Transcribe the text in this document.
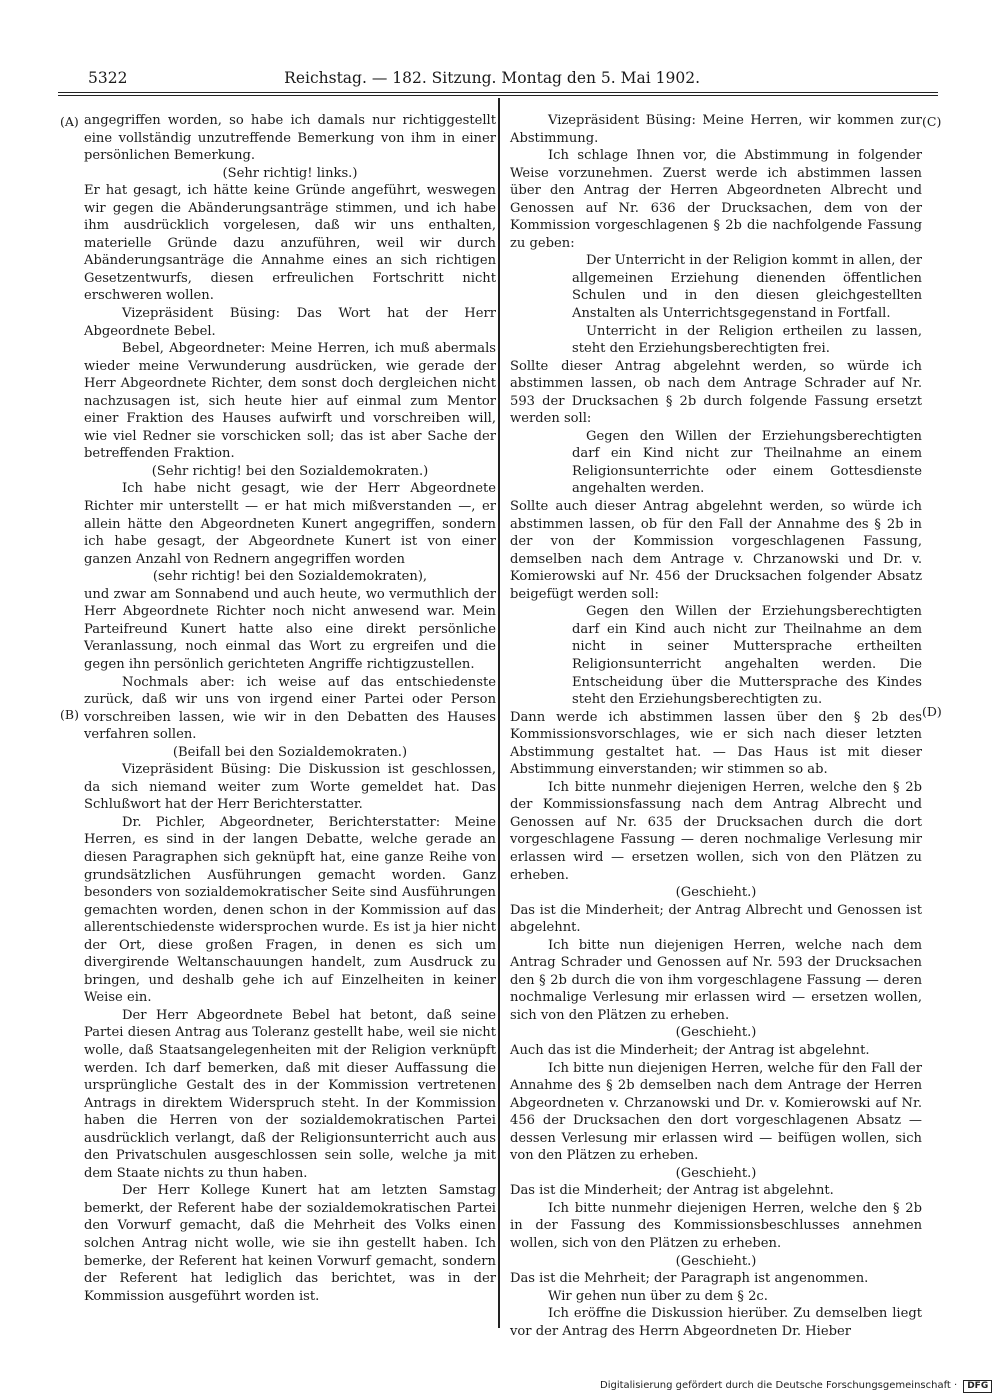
5322	Reichstag. — 182. Sitzung. Montag den 5. Mai 1902.
(A)
(B)
(C)
(D)

angegriffen worden, so habe ich damals nur richtiggestellt eine vollständig unzutreffende Bemerkung von ihm in einer persönlichen Bemerkung.

(Sehr richtig! links.)

Er hat gesagt, ich hätte keine Gründe angeführt, weswegen wir gegen die Abänderungsanträge stimmen, und ich habe ihm ausdrücklich vorgelesen, daß wir uns enthalten, materielle Gründe dazu anzuführen, weil wir durch Abänderungsanträge die Annahme eines an sich richtigen Gesetzentwurfs, diesen erfreulichen Fortschritt nicht erschweren wollen.

Vizepräsident Büsing: Das Wort hat der Herr Abgeordnete Bebel.

Bebel, Abgeordneter: Meine Herren, ich muß abermals wieder meine Verwunderung ausdrücken, wie gerade der Herr Abgeordnete Richter, dem sonst doch dergleichen nicht nachzusagen ist, sich heute hier auf einmal zum Mentor einer Fraktion des Hauses aufwirft und vorschreiben will, wie viel Redner sie vorschicken soll; das ist aber Sache der betreffenden Fraktion.

(Sehr richtig! bei den Sozialdemokraten.)

Ich habe nicht gesagt, wie der Herr Abgeordnete Richter mir unterstellt — er hat mich mißverstanden —, er allein hätte den Abgeordneten Kunert angegriffen, sondern ich habe gesagt, der Abgeordnete Kunert ist von einer ganzen Anzahl von Rednern angegriffen worden

(sehr richtig! bei den Sozialdemokraten),

und zwar am Sonnabend und auch heute, wo vermuthlich der Herr Abgeordnete Richter noch nicht anwesend war. Mein Parteifreund Kunert hatte also eine direkt persönliche Veranlassung, noch einmal das Wort zu ergreifen und die gegen ihn persönlich gerichteten Angriffe richtigzustellen.

Nochmals aber: ich weise auf das entschiedenste zurück, daß wir uns von irgend einer Partei oder Person vorschreiben lassen, wie wir in den Debatten des Hauses verfahren sollen.

(Beifall bei den Sozialdemokraten.)

Vizepräsident Büsing: Die Diskussion ist geschlossen, da sich niemand weiter zum Worte gemeldet hat. Das Schlußwort hat der Herr Berichterstatter.

Dr. Pichler, Abgeordneter, Berichterstatter: Meine Herren, es sind in der langen Debatte, welche gerade an diesen Paragraphen sich geknüpft hat, eine ganze Reihe von grundsätzlichen Ausführungen gemacht worden. Ganz besonders von sozialdemokratischer Seite sind Ausführungen gemachten worden, denen schon in der Kommission auf das allerentschiedenste widersprochen wurde. Es ist ja hier nicht der Ort, diese großen Fragen, in denen es sich um divergirende Weltanschauungen handelt, zum Ausdruck zu bringen, und deshalb gehe ich auf Einzelheiten in keiner Weise ein.

Der Herr Abgeordnete Bebel hat betont, daß seine Partei diesen Antrag aus Toleranz gestellt habe, weil sie nicht wolle, daß Staatsangelegenheiten mit der Religion verknüpft werden. Ich darf bemerken, daß mit dieser Auffassung die ursprüngliche Gestalt des in der Kommission vertretenen Antrags in direktem Widerspruch steht. In der Kommission haben die Herren von der sozialdemokratischen Partei ausdrücklich verlangt, daß der Religionsunterricht auch aus den Privatschulen ausgeschlossen sein solle, welche ja mit dem Staate nichts zu thun haben.

Der Herr Kollege Kunert hat am letzten Samstag bemerkt, der Referent habe der sozialdemokratischen Partei den Vorwurf gemacht, daß die Mehrheit des Volks einen solchen Antrag nicht wolle, wie sie ihn gestellt haben. Ich bemerke, der Referent hat keinen Vorwurf gemacht, sondern der Referent hat lediglich das berichtet, was in der Kommission ausgeführt worden ist.

Vizepräsident Büsing: Meine Herren, wir kommen zur Abstimmung.

Ich schlage Ihnen vor, die Abstimmung in folgender Weise vorzunehmen. Zuerst werde ich abstimmen lassen über den Antrag der Herren Abgeordneten Albrecht und Genossen auf Nr. 636 der Drucksachen, dem von der Kommission vorgeschlagenen § 2b die nachfolgende Fassung zu geben:

Der Unterricht in der Religion kommt in allen, der allgemeinen Erziehung dienenden öffentlichen Schulen und in den diesen gleichgestellten Anstalten als Unterrichtsgegenstand in Fortfall.

Unterricht in der Religion ertheilen zu lassen, steht den Erziehungsberechtigten frei.

Sollte dieser Antrag abgelehnt werden, so würde ich abstimmen lassen, ob nach dem Antrage Schrader auf Nr. 593 der Drucksachen § 2b durch folgende Fassung ersetzt werden soll:

Gegen den Willen der Erziehungsberechtigten darf ein Kind nicht zur Theilnahme an einem Religionsunterrichte oder einem Gottesdienste angehalten werden.

Sollte auch dieser Antrag abgelehnt werden, so würde ich abstimmen lassen, ob für den Fall der Annahme des § 2b in der von der Kommission vorgeschlagenen Fassung, demselben nach dem Antrage v. Chrzanowski und Dr. v. Komierowski auf Nr. 456 der Drucksachen folgender Absatz beigefügt werden soll:

Gegen den Willen der Erziehungsberechtigten darf ein Kind auch nicht zur Theilnahme an dem nicht in seiner Muttersprache ertheilten Religionsunterricht angehalten werden. Die Entscheidung über die Muttersprache des Kindes steht den Erziehungsberechtigten zu.

Dann werde ich abstimmen lassen über den § 2b des Kommissionsvorschlages, wie er sich nach dieser letzten Abstimmung gestaltet hat. — Das Haus ist mit dieser Abstimmung einverstanden; wir stimmen so ab.

Ich bitte nunmehr diejenigen Herren, welche den § 2b der Kommissionsfassung nach dem Antrag Albrecht und Genossen auf Nr. 635 der Drucksachen durch die dort vorgeschlagene Fassung — deren nochmalige Verlesung mir erlassen wird — ersetzen wollen, sich von den Plätzen zu erheben.

(Geschieht.)

Das ist die Minderheit; der Antrag Albrecht und Genossen ist abgelehnt.

Ich bitte nun diejenigen Herren, welche nach dem Antrag Schrader und Genossen auf Nr. 593 der Drucksachen den § 2b durch die von ihm vorgeschlagene Fassung — deren nochmalige Verlesung mir erlassen wird — ersetzen wollen, sich von den Plätzen zu erheben.

(Geschieht.)

Auch das ist die Minderheit; der Antrag ist abgelehnt.

Ich bitte nun diejenigen Herren, welche für den Fall der Annahme des § 2b demselben nach dem Antrage der Herren Abgeordneten v. Chrzanowski und Dr. v. Komierowski auf Nr. 456 der Drucksachen den dort vorgeschlagenen Absatz — dessen Verlesung mir erlassen wird — beifügen wollen, sich von den Plätzen zu erheben.

(Geschieht.)

Das ist die Minderheit; der Antrag ist abgelehnt.

Ich bitte nunmehr diejenigen Herren, welche den § 2b in der Fassung des Kommissionsbeschlusses annehmen wollen, sich von den Plätzen zu erheben.

(Geschieht.)

Das ist die Mehrheit; der Paragraph ist angenommen.

Wir gehen nun über zu dem § 2c.

Ich eröffne die Diskussion hierüber. Zu demselben liegt vor der Antrag des Herrn Abgeordneten Dr. Hieber

Digitalisierung gefördert durch die Deutsche Forschungsgemeinschaft · DFG
